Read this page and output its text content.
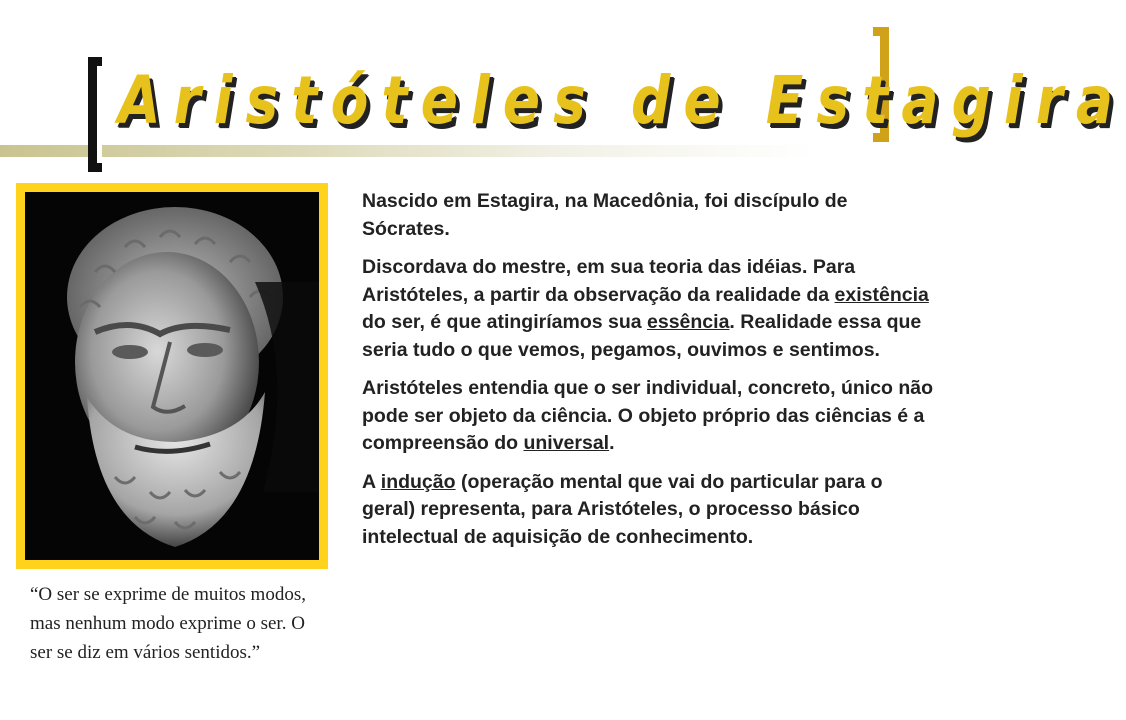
Aristóteles de Estagira
“O ser se exprime de muitos modos, mas nenhum modo exprime o ser. O ser se diz em vários sentidos.”

Nascido em Estagira, na Macedônia, foi discípulo de Sócrates.

Discordava do mestre, em sua teoria das idéias. Para Aristóteles, a partir da observação da realidade da existência do ser, é que atingiríamos sua essência. Realidade essa que seria tudo o que vemos, pegamos, ouvimos e sentimos.

Aristóteles entendia que o ser individual, concreto, único não pode ser objeto da ciência. O objeto próprio das ciências é a compreensão do universal.

A indução (operação mental que vai do particular para o geral) representa, para Aristóteles, o processo básico intelectual de aquisição de conhecimento.
